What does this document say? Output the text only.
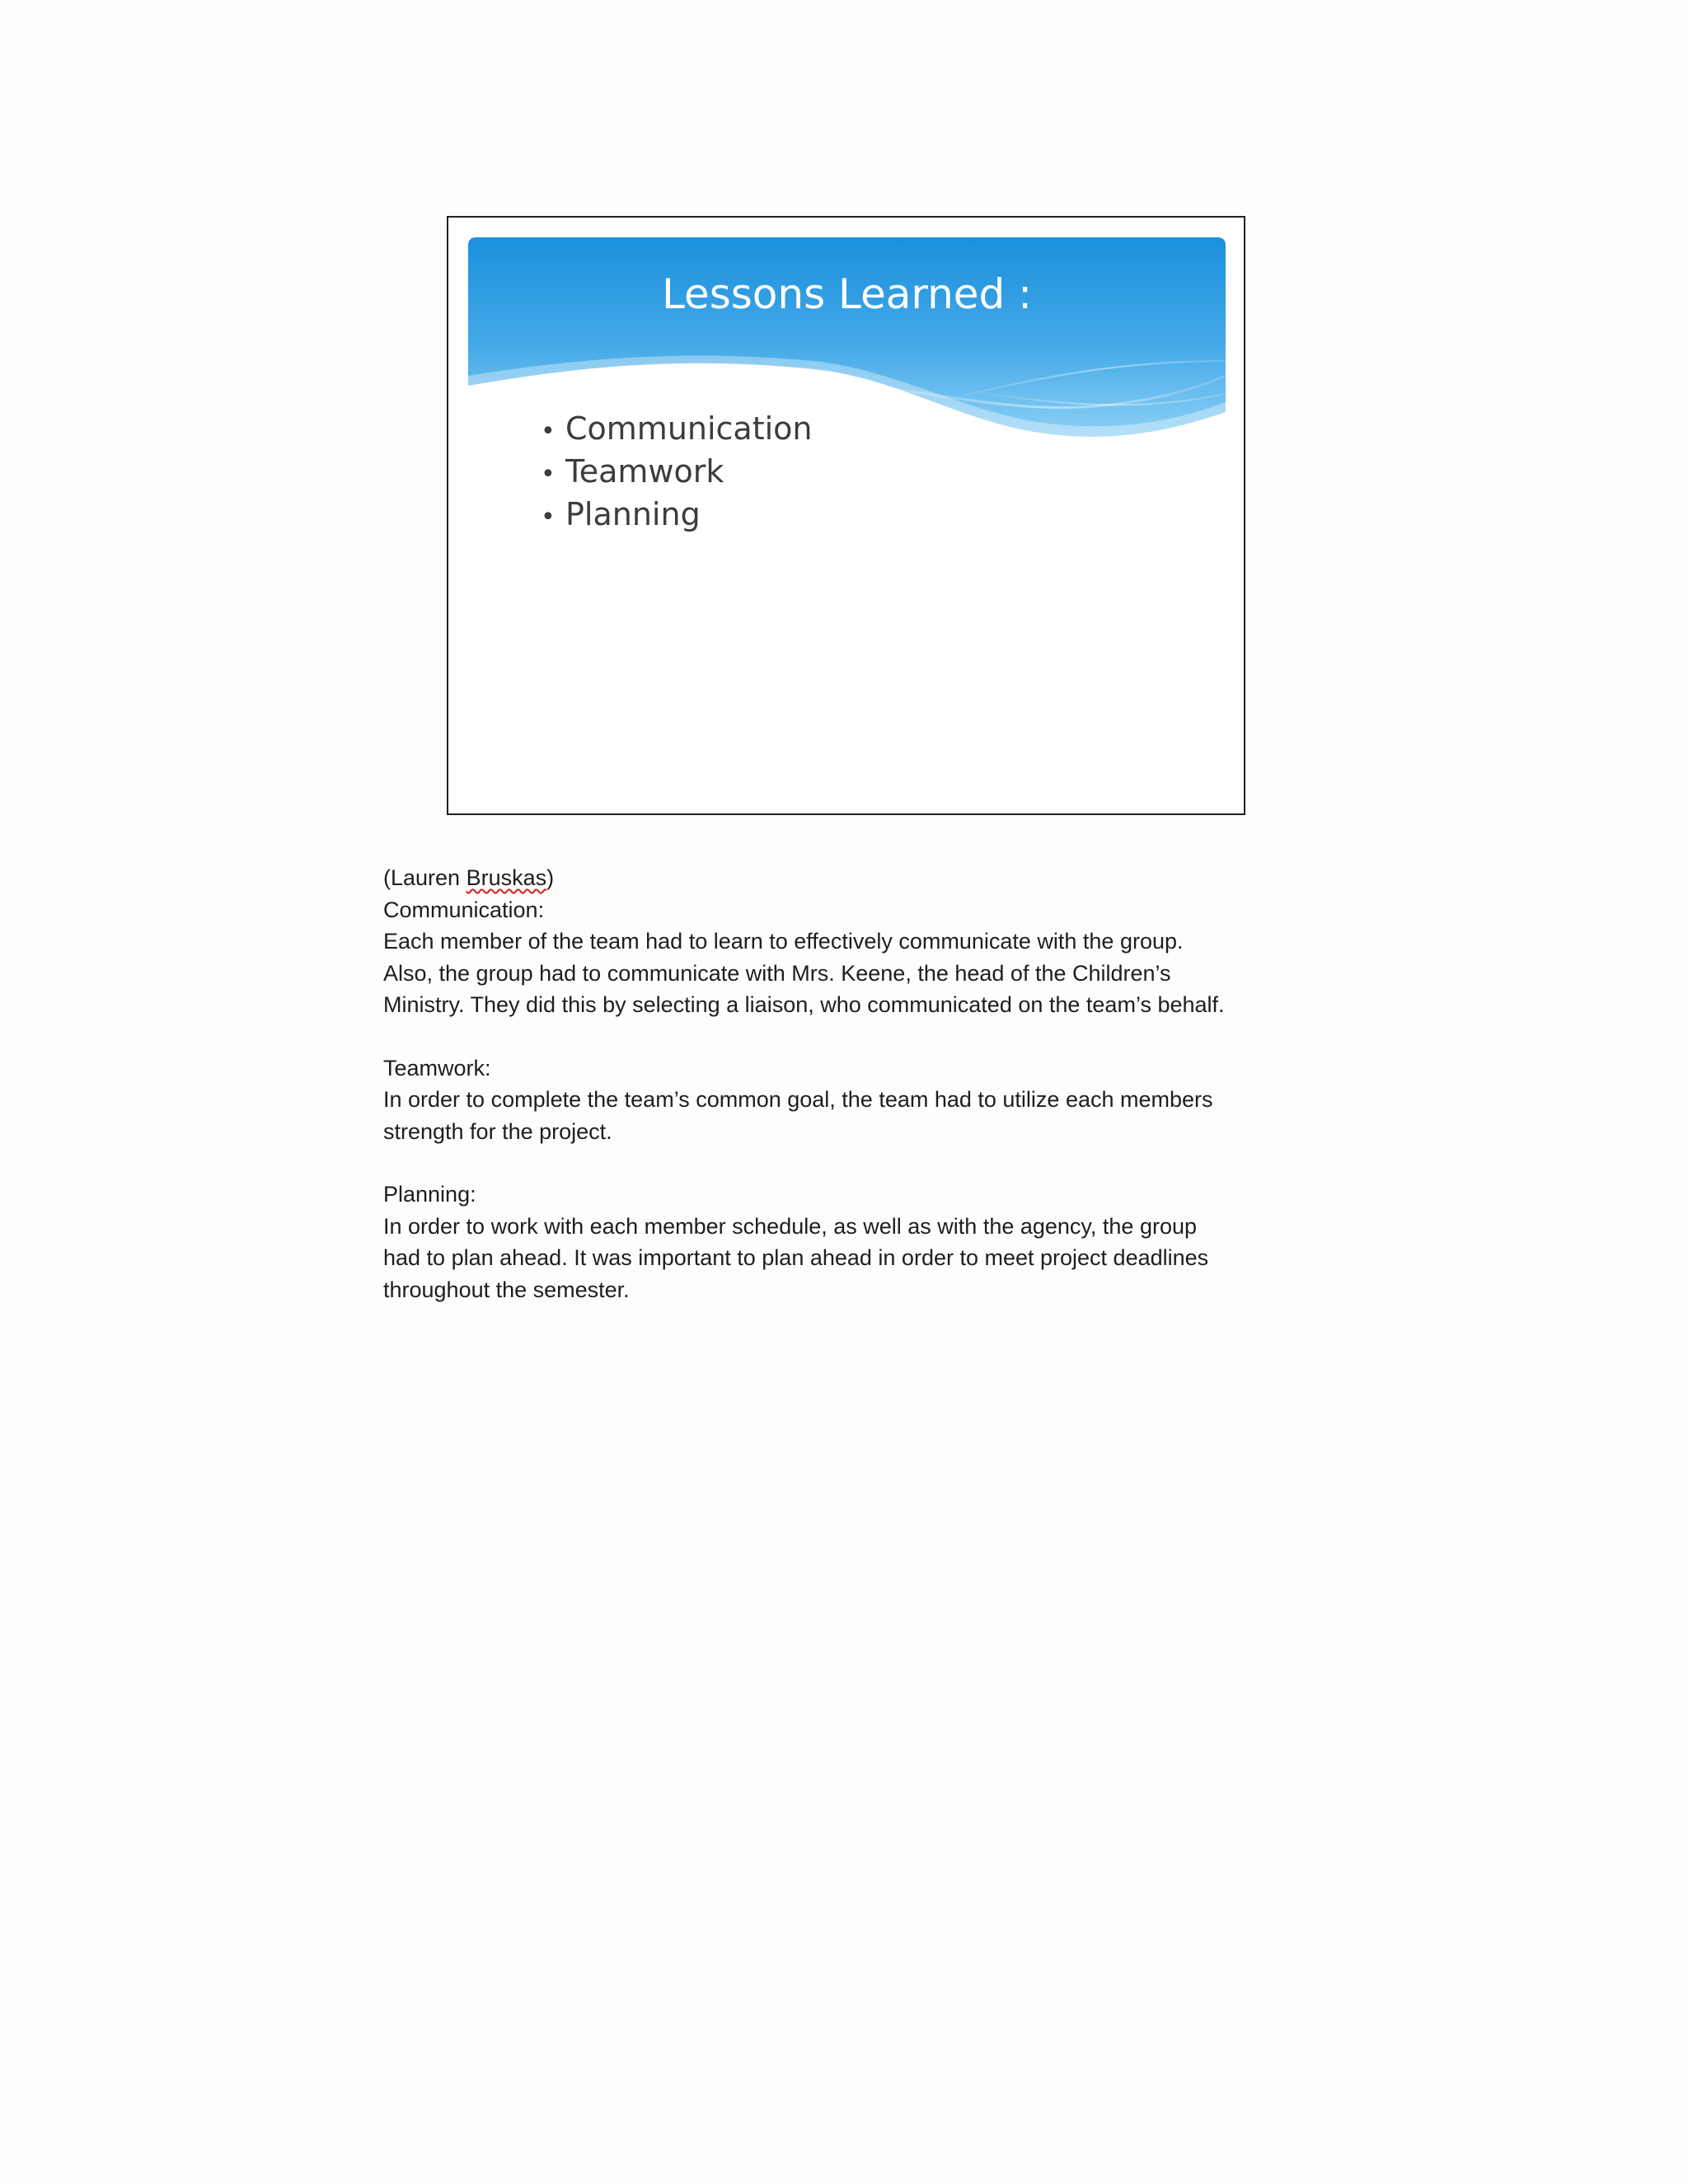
Lessons Learned :
• Communication
• Teamwork
• Planning

(Lauren Bruskas)

Communication:

Each member of the team had to learn to effectively communicate with the group.

Also, the group had to communicate with Mrs. Keene, the head of the Children’s

Ministry. They did this by selecting a liaison, who communicated on the team’s behalf.

Teamwork:

In order to complete the team’s common goal, the team had to utilize each members

strength for the project.

Planning:

In order to work with each member schedule, as well as with the agency, the group

had to plan ahead. It was important to plan ahead in order to meet project deadlines

throughout the semester.
